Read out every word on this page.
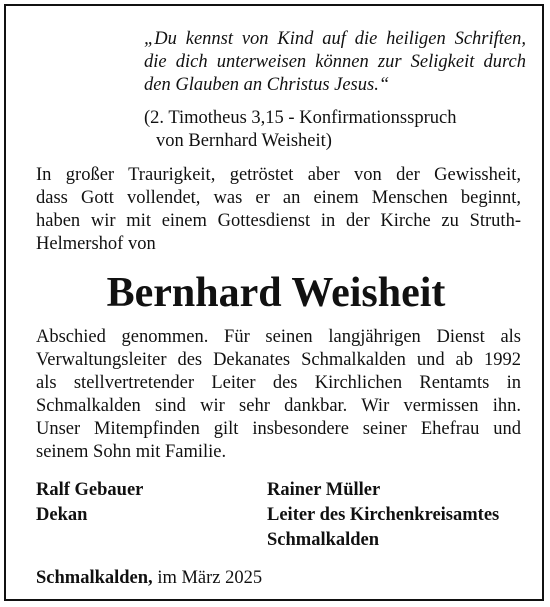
„Du kennst von Kind auf die heiligen Schriften,
die dich unterweisen können zur Seligkeit durch
den Glauben an Christus Jesus.“
(2. Timotheus 3,15 - Konfirmationsspruch
von Bernhard Weisheit)
In großer Traurigkeit, getröstet aber von der Gewissheit,
dass Gott vollendet, was er an einem Menschen beginnt,
haben wir mit einem Gottesdienst in der Kirche zu Struth-
Helmershof von
Bernhard Weisheit
Abschied genommen. Für seinen langjährigen Dienst als
Verwaltungsleiter des Dekanates Schmalkalden und ab 1992
als stellvertretender Leiter des Kirchlichen Rentamts in
Schmalkalden sind wir sehr dankbar. Wir vermissen ihn.
Unser Mitempfinden gilt insbesondere seiner Ehefrau und
seinem Sohn mit Familie.
Ralf Gebauer
Dekan
Rainer Müller
Leiter des Kirchenkreisamtes
Schmalkalden
Schmalkalden, im März 2025
